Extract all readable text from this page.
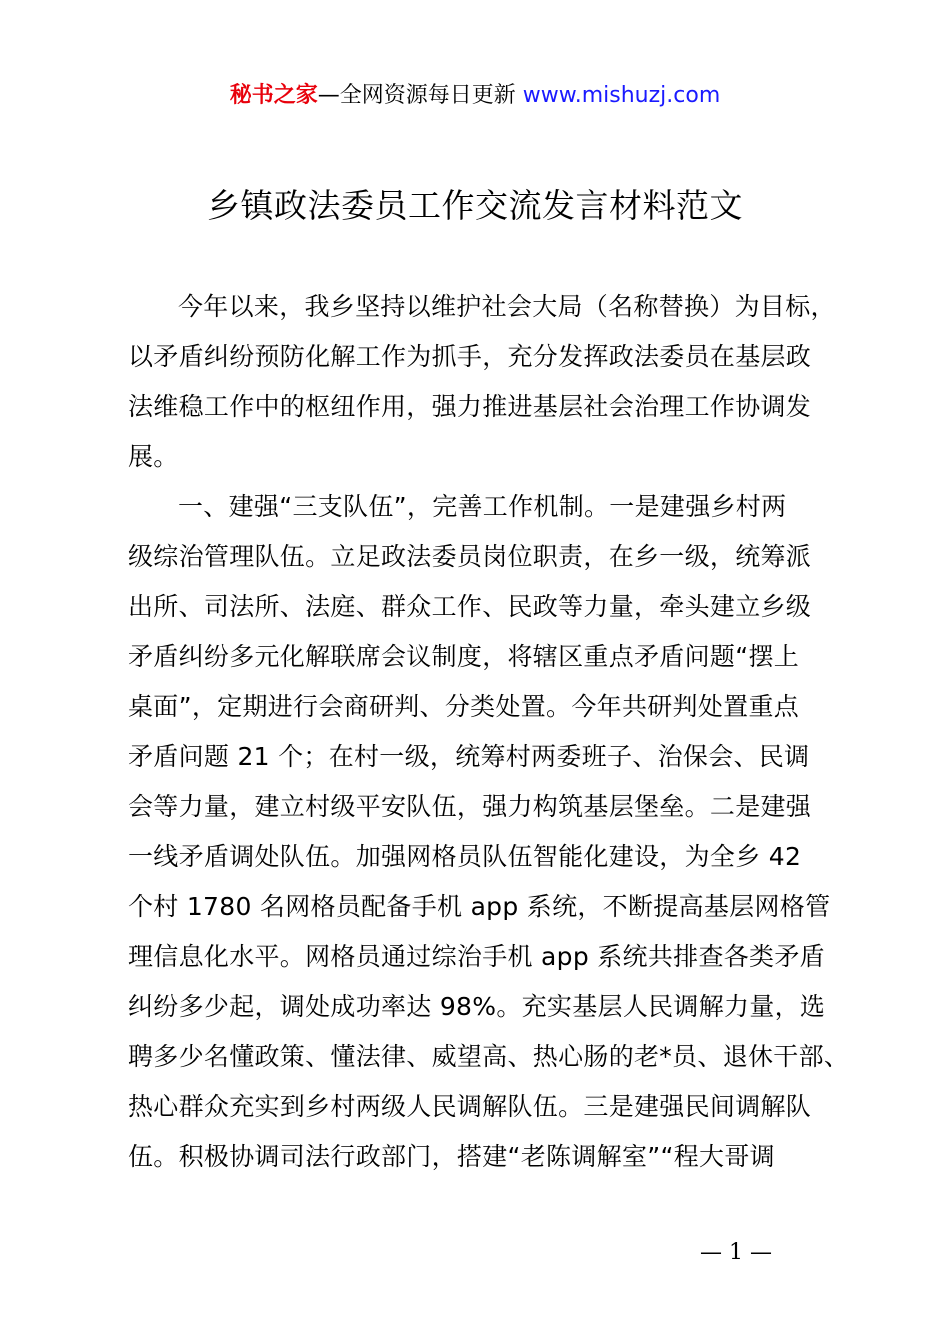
秘书之家—全网资源每日更新 www.mishuzj.com
乡镇政法委员工作交流发言材料范文
今年以来，我乡坚持以维护社会大局（名称替换）为目标，
以矛盾纠纷预防化解工作为抓手，充分发挥政法委员在基层政
法维稳工作中的枢纽作用，强力推进基层社会治理工作协调发
展。
一、建强“三支队伍”，完善工作机制。一是建强乡村两
级综治管理队伍。立足政法委员岗位职责，在乡一级，统筹派
出所、司法所、法庭、群众工作、民政等力量，牵头建立乡级
矛盾纠纷多元化解联席会议制度，将辖区重点矛盾问题“摆上
桌面”，定期进行会商研判、分类处置。今年共研判处置重点
矛盾问题 21 个；在村一级，统筹村两委班子、治保会、民调
会等力量，建立村级平安队伍，强力构筑基层堡垒。二是建强
一线矛盾调处队伍。加强网格员队伍智能化建设，为全乡 42
个村 1780 名网格员配备手机 app 系统，不断提高基层网格管
理信息化水平。网格员通过综治手机 app 系统共排查各类矛盾
纠纷多少起，调处成功率达 98%。充实基层人民调解力量，选
聘多少名懂政策、懂法律、威望高、热心肠的老*员、退休干部、
热心群众充实到乡村两级人民调解队伍。三是建强民间调解队
伍。积极协调司法行政部门，搭建“老陈调解室”“程大哥调
— 1 —
